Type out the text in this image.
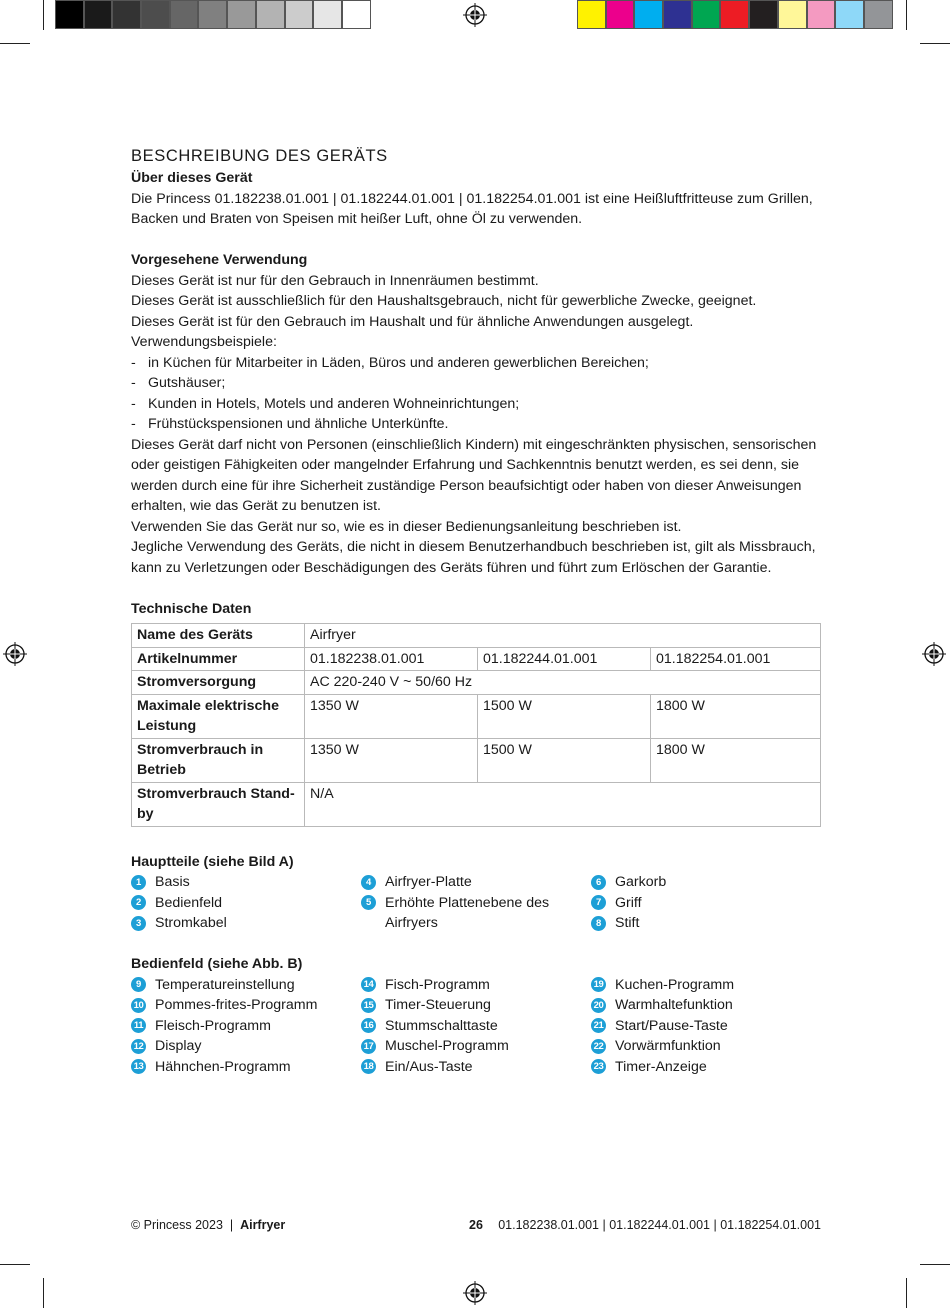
BESCHREIBUNG DES GERÄTS

Über dieses Gerät

Die Princess 01.182238.01.001 | 01.182244.01.001 | 01.182254.01.001 ist eine Heißluftfritteuse zum Grillen, Backen und Braten von Speisen mit heißer Luft, ohne Öl zu verwenden.

Vorgesehene Verwendung

Dieses Gerät ist nur für den Gebrauch in Innenräumen bestimmt.

Dieses Gerät ist ausschließlich für den Haushaltsgebrauch, nicht für gewerbliche Zwecke, geeignet.

Dieses Gerät ist für den Gebrauch im Haushalt und für ähnliche Anwendungen ausgelegt.

Verwendungsbeispiele:

- in Küchen für Mitarbeiter in Läden, Büros und anderen gewerblichen Bereichen;
- Gutshäuser;
- Kunden in Hotels, Motels und anderen Wohneinrichtungen;
- Frühstückspensionen und ähnliche Unterkünfte.

Dieses Gerät darf nicht von Personen (einschließlich Kindern) mit eingeschränkten physischen, sensorischen oder geistigen Fähigkeiten oder mangelnder Erfahrung und Sachkenntnis benutzt werden, es sei denn, sie werden durch eine für ihre Sicherheit zuständige Person beaufsichtigt oder haben von dieser Anweisungen erhalten, wie das Gerät zu benutzen ist.

Verwenden Sie das Gerät nur so, wie es in dieser Bedienungsanleitung beschrieben ist.

Jegliche Verwendung des Geräts, die nicht in diesem Benutzerhandbuch beschrieben ist, gilt als Missbrauch, kann zu Verletzungen oder Beschädigungen des Geräts führen und führt zum Erlöschen der Garantie.

Technische Daten

Name des Geräts	Airfryer		
Artikelnummer	01.182238.01.001	01.182244.01.001	01.182254.01.001
Stromversorgung	AC 220-240 V ~ 50/60 Hz		
Maximale elektrische Leistung	1350 W	1500 W	1800 W
Stromverbrauch in Betrieb	1350 W	1500 W	1800 W
Stromverbrauch Stand-by	N/A		

Hauptteile (siehe Bild A)

1 Basis
2 Bedienfeld
3 Stromkabel
4 Airfryer-Platte
5 Erhöhte Plattenebene des Airfryers
6 Garkorb
7 Griff
8 Stift

Bedienfeld (siehe Abb. B)

9 Temperatureinstellung
10 Pommes-frites-Programm
11 Fleisch-Programm
12 Display
13 Hähnchen-Programm
14 Fisch-Programm
15 Timer-Steuerung
16 Stummschalttaste
17 Muschel-Programm
18 Ein/Aus-Taste
19 Kuchen-Programm
20 Warmhaltefunktion
21 Start/Pause-Taste
22 Vorwärmfunktion
23 Timer-Anzeige
© Princess 2023 | Airfryer	26 01.182238.01.001 | 01.182244.01.001 | 01.182254.01.001
